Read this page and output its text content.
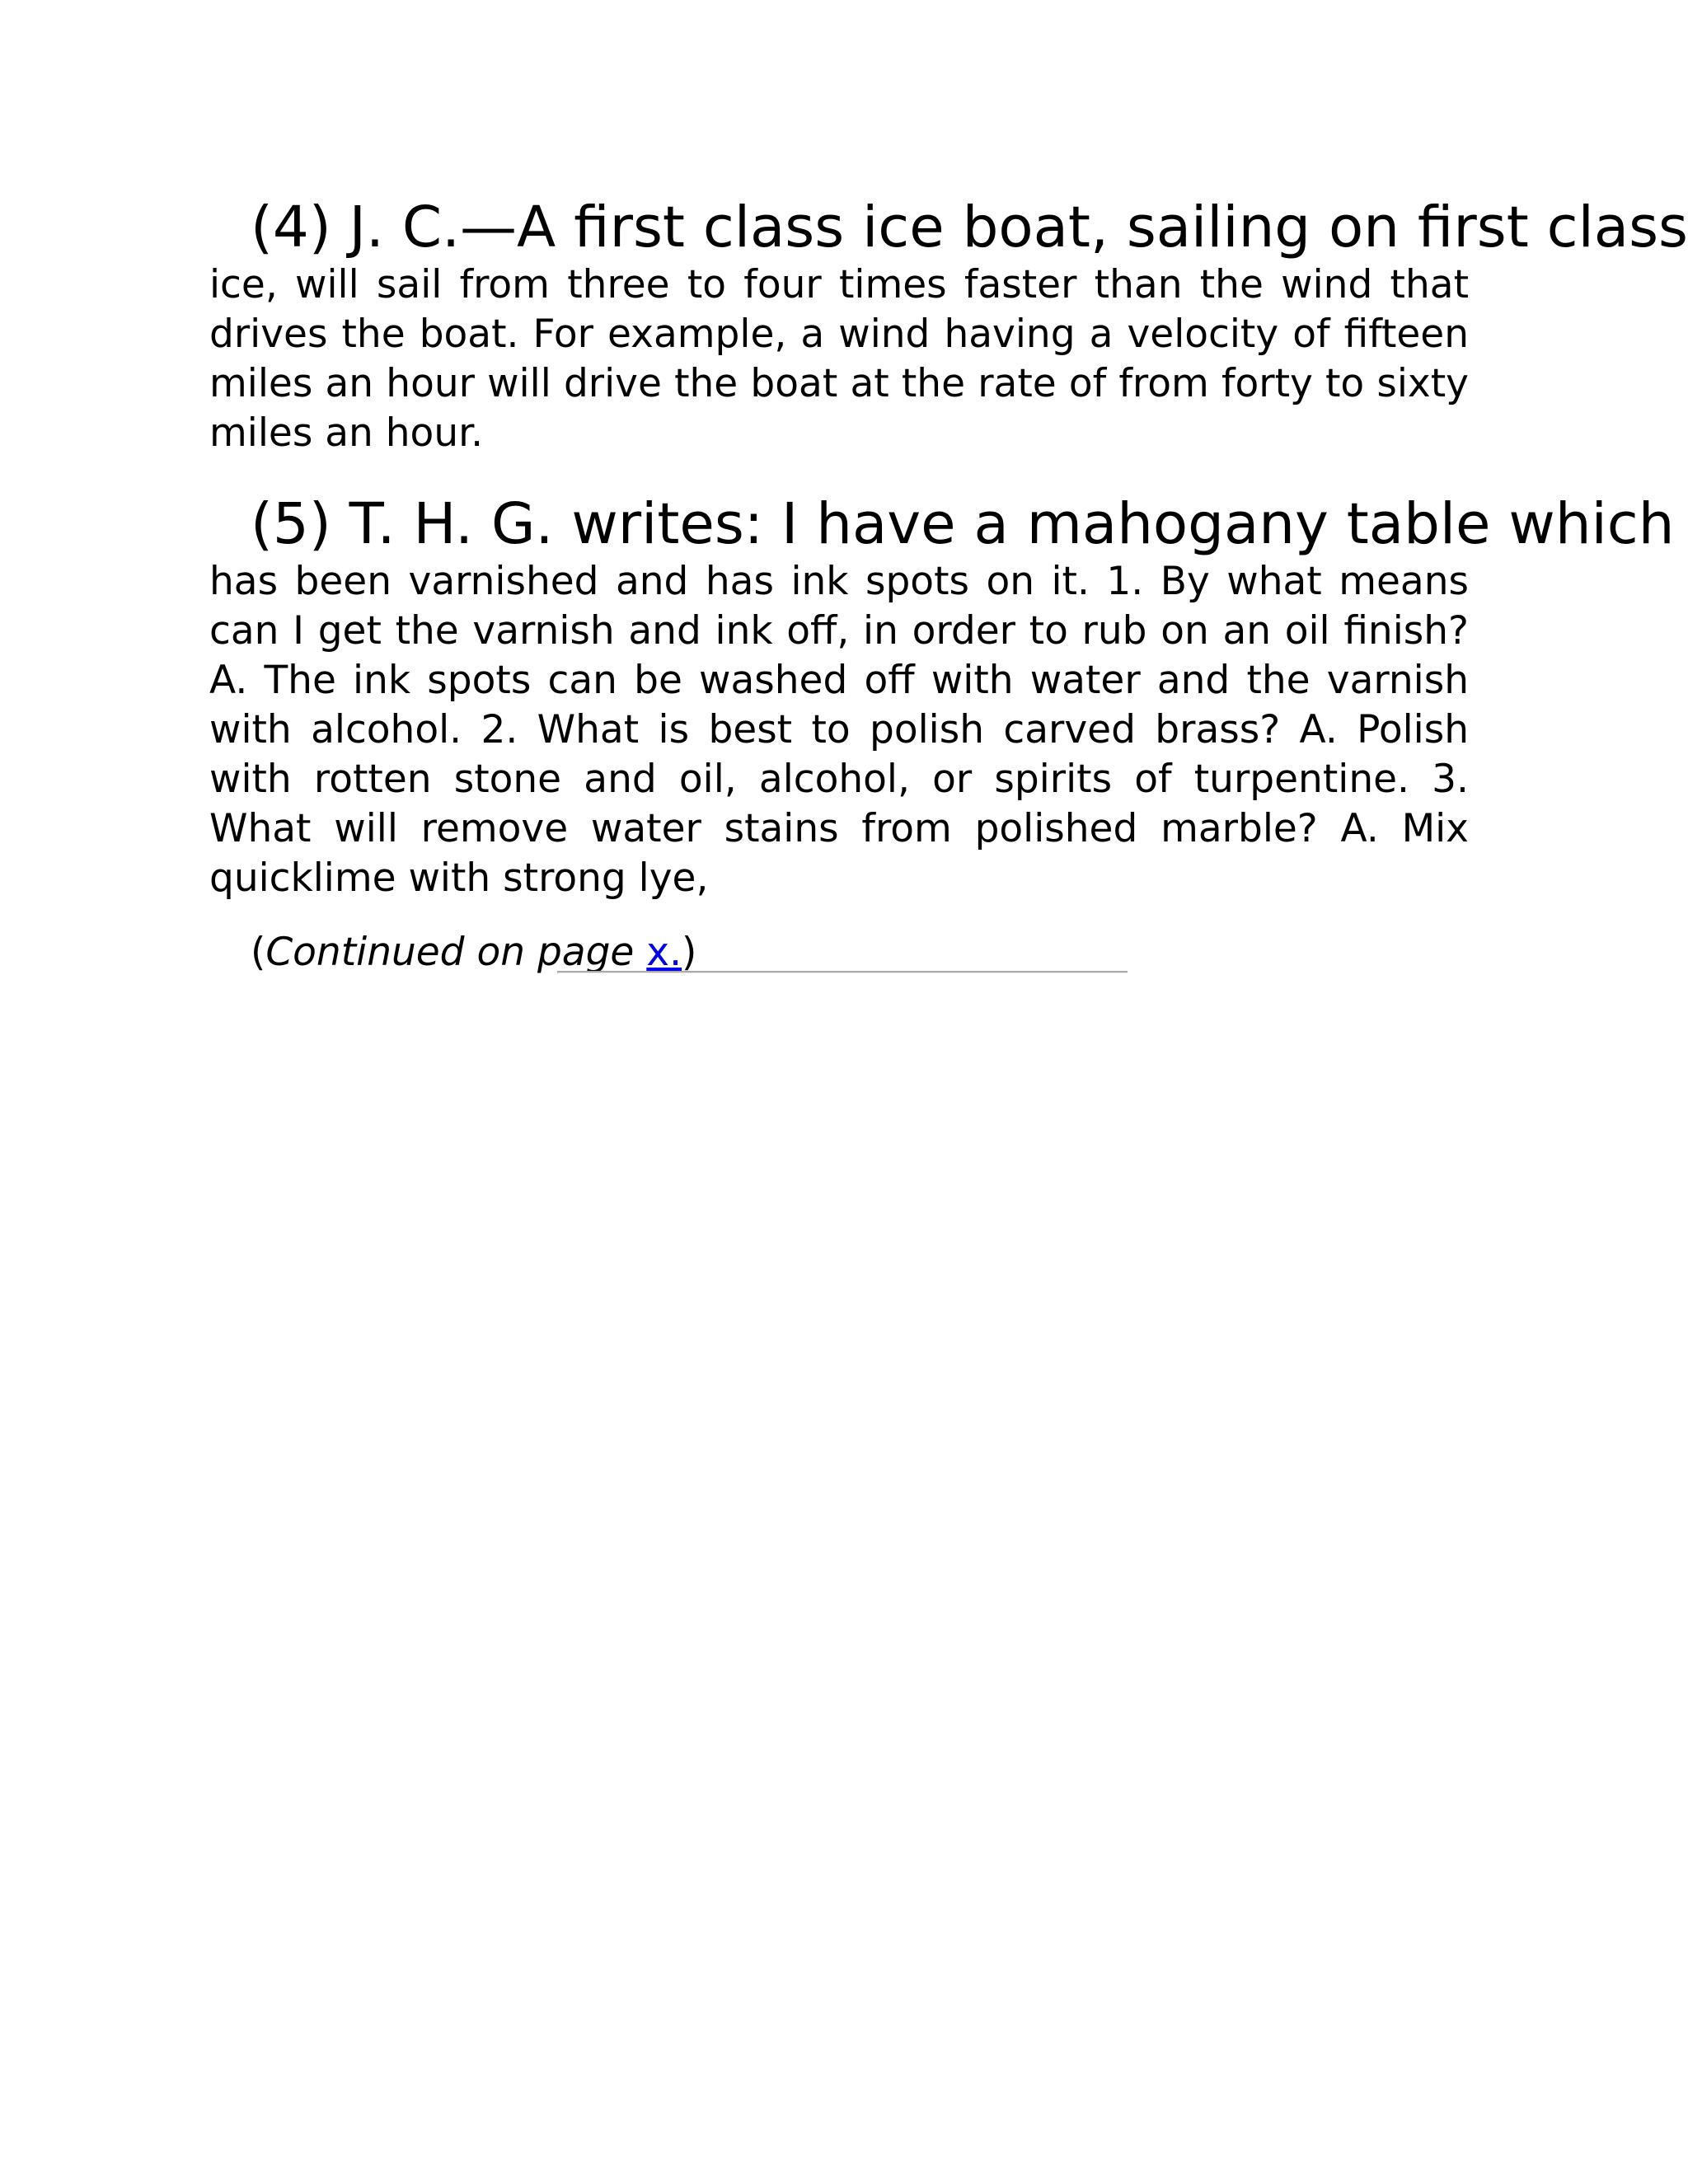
(4) J. C.—A first class ice boat, sailing on first class
ice, will sail from three to four times faster than the wind that drives the boat. For example, a wind having a velocity of fifteen miles an hour will drive the boat at the rate of from forty to sixty miles an hour.
(5) T. H. G. writes: I have a mahogany table which
has been varnished and has ink spots on it. 1. By what means can I get the varnish and ink off, in order to rub on an oil finish? A. The ink spots can be washed off with water and the varnish with alcohol. 2. What is best to polish carved brass? A. Polish with rotten stone and oil, alcohol, or spirits of turpentine. 3. What will remove water stains from polished marble? A. Mix quicklime with strong lye,

(Continued on page x.)
